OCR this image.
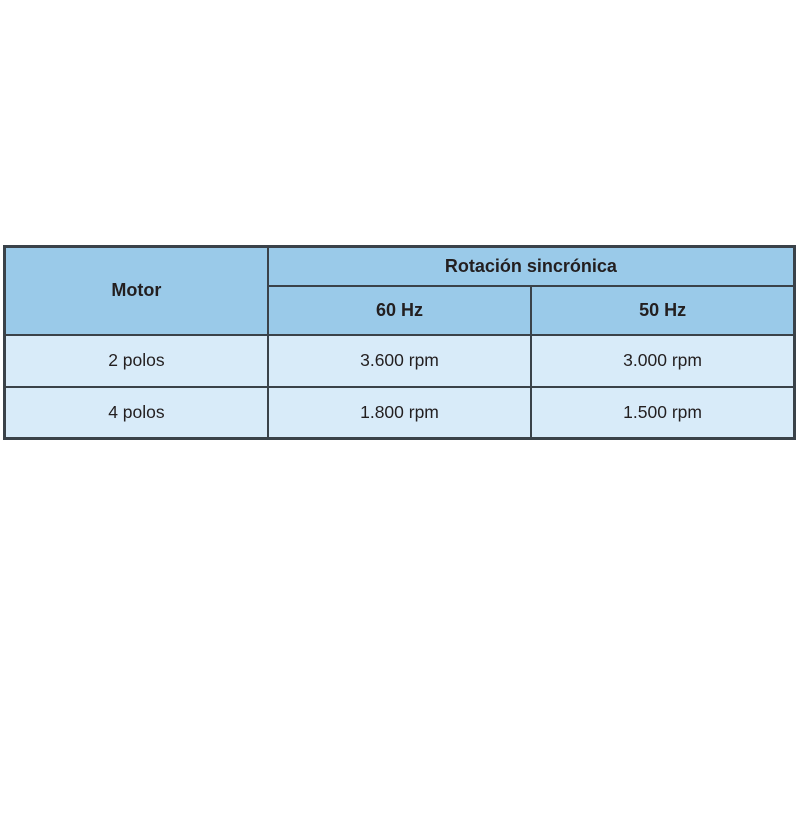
Motor	Rotación sincrónica	
	60 Hz	50 Hz
2 polos	3.600 rpm	3.000 rpm
4 polos	1.800 rpm	1.500 rpm
